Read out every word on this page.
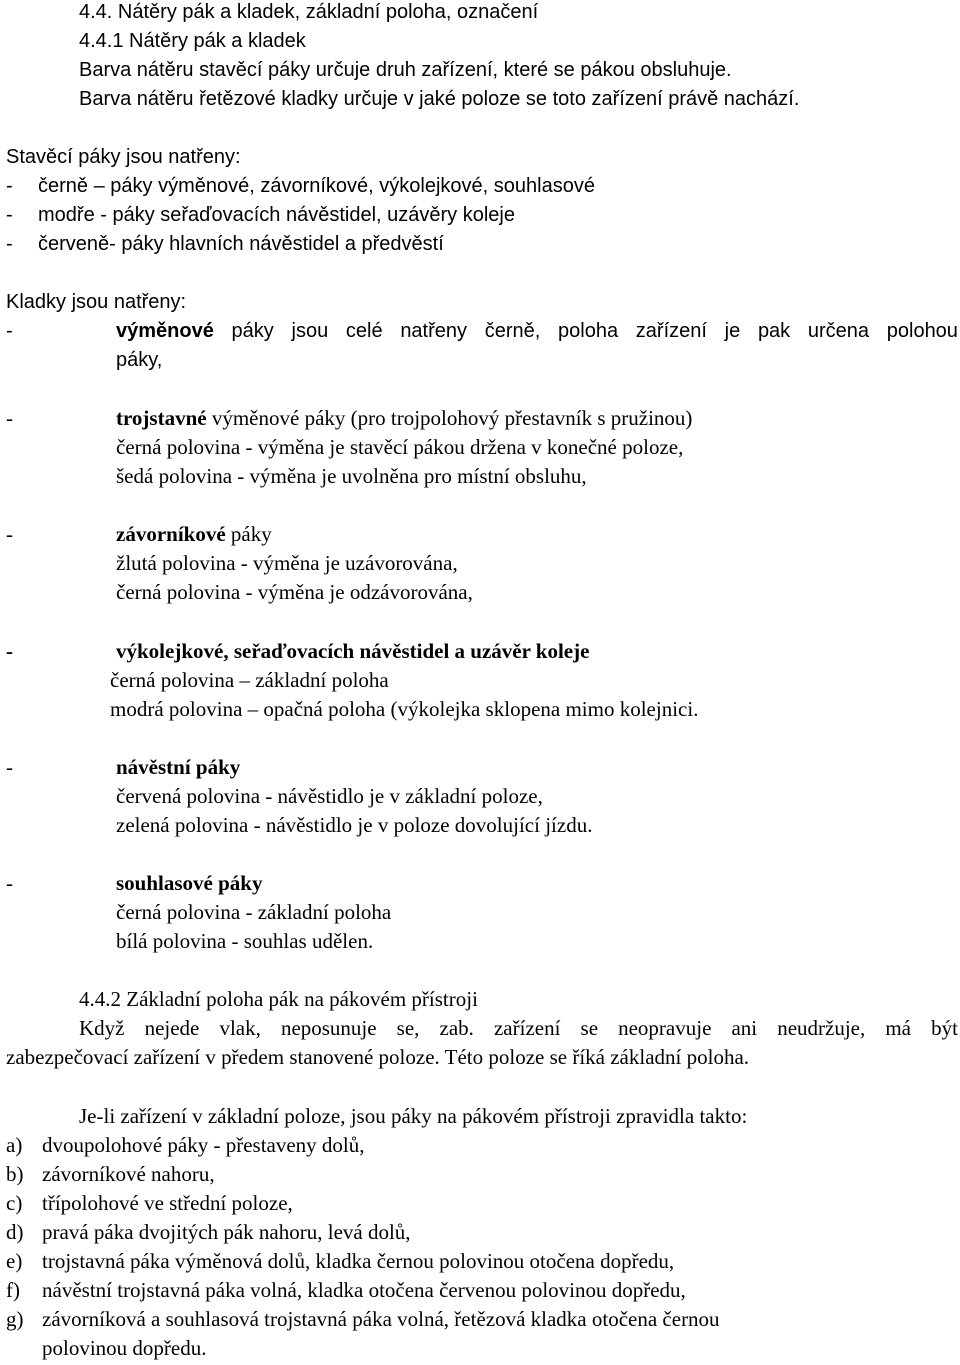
4.4. Nátěry pák a kladek, základní poloha, označení
4.4.1 Nátěry pák a kladek
Barva nátěru stavěcí páky určuje druh zařízení, které se pákou obsluhuje.
Barva nátěru řetězové kladky určuje v jaké poloze se toto zařízení právě nachází.
Stavěcí páky jsou natřeny:
- černě – páky výměnové, závorníkové, výkolejkové, souhlasové
- modře - páky seřaďovacích návěstidel, uzávěry koleje
- červeně- páky hlavních návěstidel a předvěstí
Kladky jsou natřeny:
-	výměnové páky jsou celé natřeny černě, poloha zařízení je pak určena polohou
páky,
-	trojstavné výměnové páky (pro trojpolohový přestavník s pružinou)
černá polovina - výměna je stavěcí pákou držena v konečné poloze,
šedá polovina - výměna je uvolněna pro místní obsluhu,
-	závorníkové páky
žlutá polovina - výměna je uzávorována,
černá polovina - výměna je odzávorována,
-	výkolejkové, seřaďovacích návěstidel a uzávěr koleje
černá polovina – základní poloha
modrá polovina – opačná poloha (výkolejka sklopena mimo kolejnici.
-	návěstní páky
červená polovina - návěstidlo je v základní poloze,
zelená polovina - návěstidlo je v poloze dovolující jízdu.
-	souhlasové páky
černá polovina - základní poloha
bílá polovina - souhlas udělen.
4.4.2 Základní poloha pák na pákovém přístroji
Když nejede vlak, neposunuje se, zab. zařízení se neopravuje ani neudržuje, má být
zabezpečovací zařízení v předem stanovené poloze. Této poloze se říká základní poloha.
Je-li zařízení v základní poloze, jsou páky na pákovém přístroji zpravidla takto:
a) dvoupolohové páky - přestaveny dolů,
b) závorníkové nahoru,
c) třípolohové ve střední poloze,
d) pravá páka dvojitých pák nahoru, levá dolů,
e) trojstavná páka výměnová dolů, kladka černou polovinou otočena dopředu,
f) návěstní trojstavná páka volná, kladka otočena červenou polovinou dopředu,
g) závorníková a souhlasová trojstavná páka volná, řetězová kladka otočena černou
polovinou dopředu.
